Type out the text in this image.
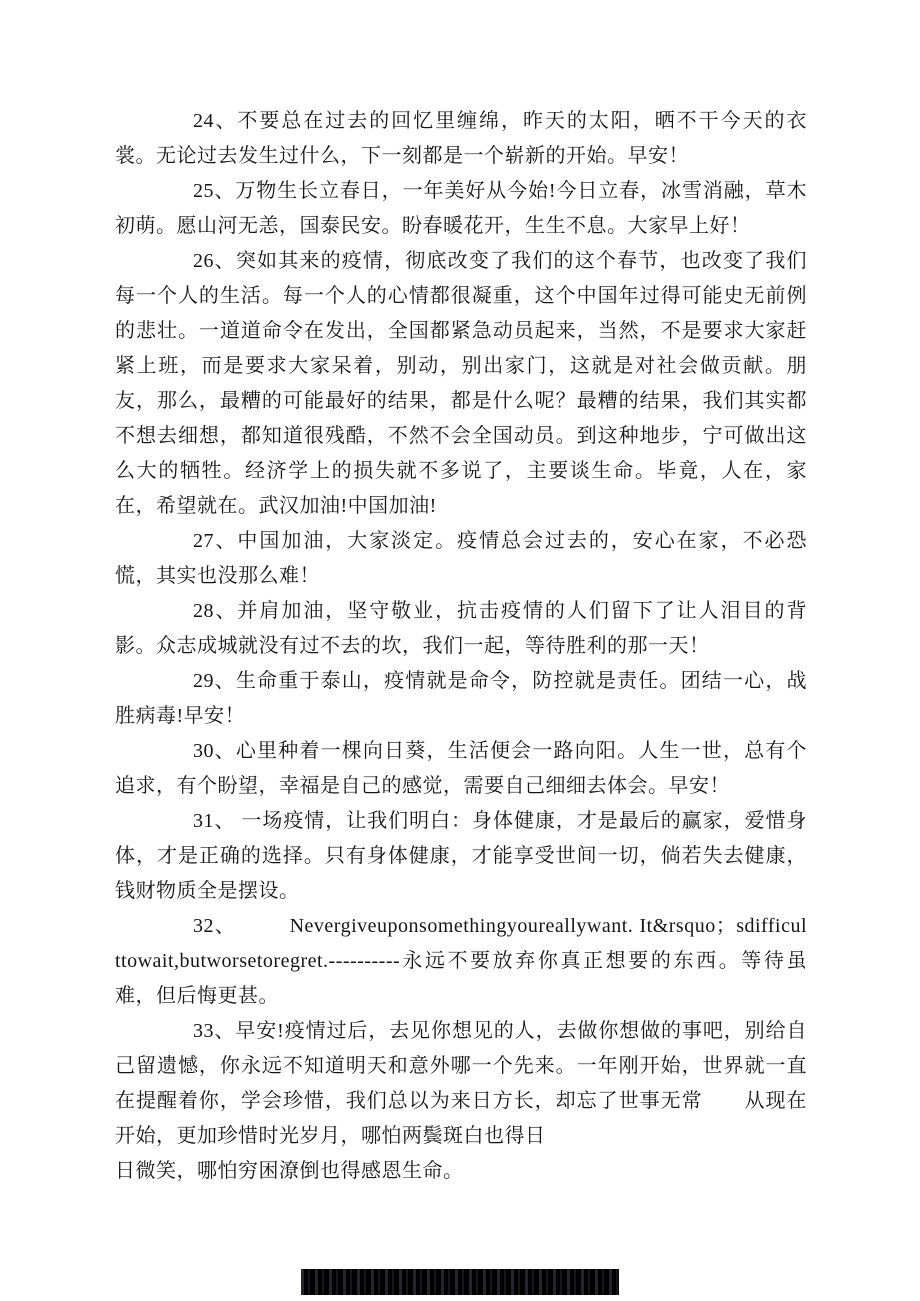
24、不要总在过去的回忆里缠绵，昨天的太阳，晒不干今天的衣裳。无论过去发生过什么，下一刻都是一个崭新的开始。早安！

25、万物生长立春日，一年美好从今始!今日立春，冰雪消融，草木初萌。愿山河无恙，国泰民安。盼春暖花开，生生不息。大家早上好！

26、突如其来的疫情，彻底改变了我们的这个春节，也改变了我们每一个人的生活。每一个人的心情都很凝重，这个中国年过得可能史无前例的悲壮。一道道命令在发出，全国都紧急动员起来，当然，不是要求大家赶紧上班，而是要求大家呆着，别动，别出家门，这就是对社会做贡献。朋友，那么，最糟的可能最好的结果，都是什么呢？最糟的结果，我们其实都不想去细想，都知道很残酷，不然不会全国动员。到这种地步，宁可做出这么大的牺牲。经济学上的损失就不多说了，主要谈生命。毕竟，人在，家在，希望就在。武汉加油!中国加油!

27、中国加油，大家淡定。疫情总会过去的，安心在家，不必恐慌，其实也没那么难！

28、并肩加油，坚守敬业，抗击疫情的人们留下了让人泪目的背影。众志成城就没有过不去的坎，我们一起，等待胜利的那一天！

29、生命重于泰山，疫情就是命令，防控就是责任。团结一心，战胜病毒!早安！

30、心里种着一棵向日葵，生活便会一路向阳。人生一世，总有个追求，有个盼望，幸福是自己的感觉，需要自己细细去体会。早安！

31、 一场疫情，让我们明白：身体健康，才是最后的赢家，爱惜身体，才是正确的选择。只有身体健康，才能享受世间一切，倘若失去健康，钱财物质全是摆设。

32、　　　Nevergiveuponsomethingyoureallywant. It&rsquo；sdifficulttowait,butworsetoregret.----------永远不要放弃你真正想要的东西。等待虽难，但后悔更甚。

33、早安!疫情过后，去见你想见的人，去做你想做的事吧，别给自己留遗憾，你永远不知道明天和意外哪一个先来。一年刚开始，世界就一直在提醒着你，学会珍惜，我们总以为来日方长，却忘了世事无常　　从现在开始，更加珍惜时光岁月，哪怕两鬓斑白也得日

日微笑，哪怕穷困潦倒也得感恩生命。
